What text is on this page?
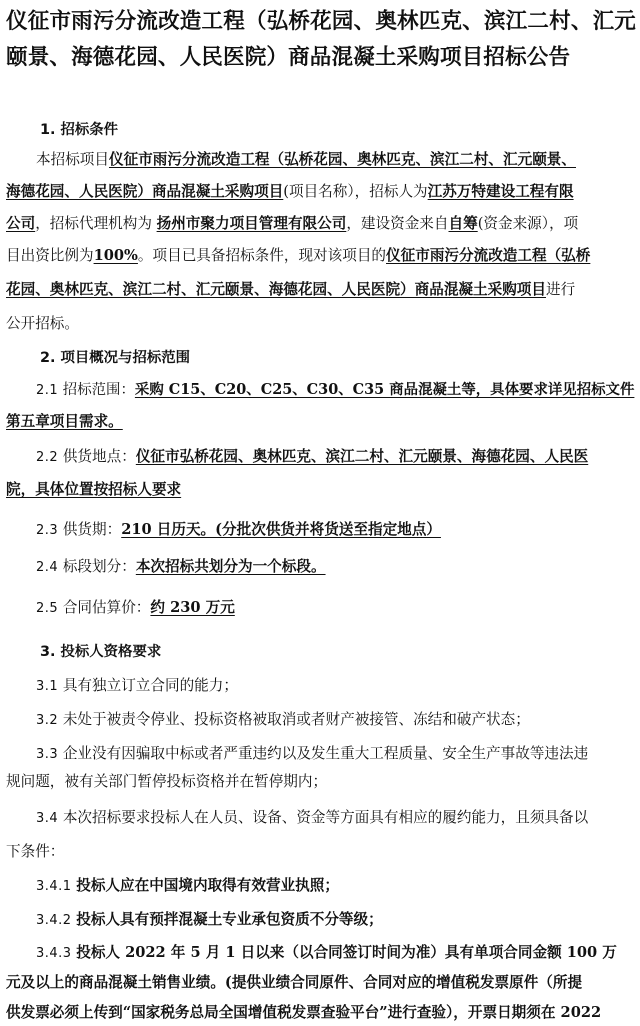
仪征市雨污分流改造工程（弘桥花园、奥林匹克、滨江二村、汇元颐景、海德花园、人民医院）商品混凝土采购项目招标公告
1. 招标条件
本招标项目仪征市雨污分流改造工程（弘桥花园、奥林匹克、滨江二村、汇元颐景、
海德花园、人民医院）商品混凝土采购项目(项目名称），招标人为江苏万特建设工程有限
公司，招标代理机构为 扬州市聚力项目管理有限公司，建设资金来自自筹(资金来源），项
目出资比例为100%。项目已具备招标条件，现对该项目的仪征市雨污分流改造工程（弘桥
花园、奥林匹克、滨江二村、汇元颐景、海德花园、人民医院）商品混凝土采购项目进行
公开招标。
2. 项目概况与招标范围
2.1 招标范围：采购 C15、C20、C25、C30、C35 商品混凝土等，具体要求详见招标文件
第五章项目需求。
2.2 供货地点：仪征市弘桥花园、奥林匹克、滨江二村、汇元颐景、海德花园、人民医
院，具体位置按招标人要求
2.3 供货期：210 日历天。(分批次供货并将货送至指定地点）
2.4 标段划分：本次招标共划分为一个标段。
2.5 合同估算价：约 230 万元
3. 投标人资格要求
3.1 具有独立订立合同的能力；
3.2 未处于被责令停业、投标资格被取消或者财产被接管、冻结和破产状态；
3.3 企业没有因骗取中标或者严重违约以及发生重大工程质量、安全生产事故等违法违
规问题，被有关部门暂停投标资格并在暂停期内；
3.4 本次招标要求投标人在人员、设备、资金等方面具有相应的履约能力，且须具备以
下条件：
3.4.1 投标人应在中国境内取得有效营业执照；
3.4.2 投标人具有预拌混凝土专业承包资质不分等级；
3.4.3 投标人 2022 年 5 月 1 日以来（以合同签订时间为准）具有单项合同金额 100 万
元及以上的商品混凝土销售业绩。(提供业绩合同原件、合同对应的增值税发票原件（所提
供发票必须上传到“国家税务总局全国增值税发票查验平台”进行查验），开票日期须在 2022
